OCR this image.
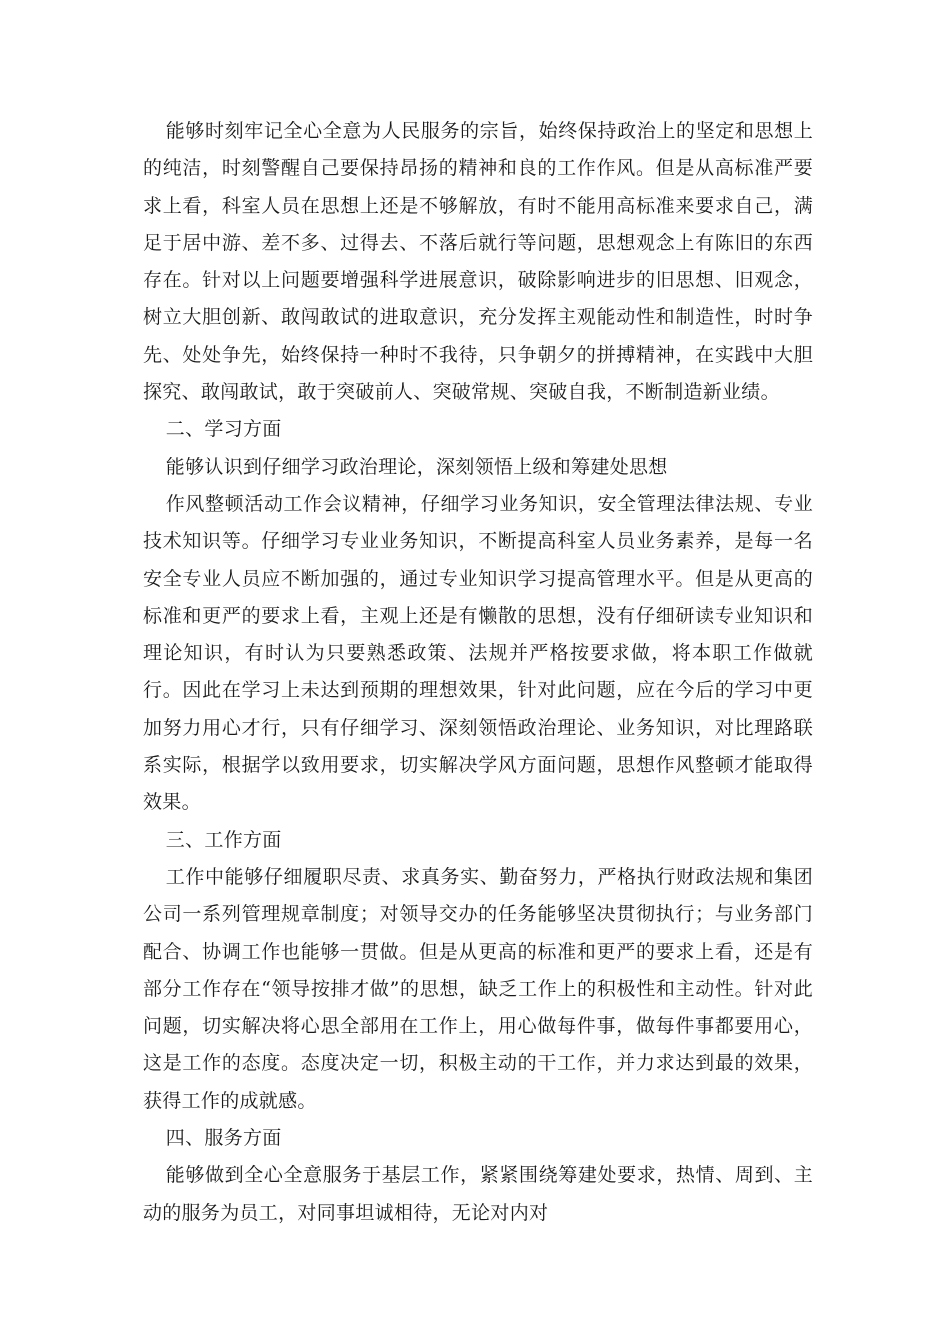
能够时刻牢记全心全意为人民服务的宗旨，始终保持政治上的坚定和思想上的纯洁，时刻警醒自己要保持昂扬的精神和良的工作作风。但是从高标准严要求上看，科室人员在思想上还是不够解放，有时不能用高标准来要求自己，满足于居中游、差不多、过得去、不落后就行等问题，思想观念上有陈旧的东西存在。针对以上问题要增强科学进展意识，破除影响进步的旧思想、旧观念，树立大胆创新、敢闯敢试的进取意识，充分发挥主观能动性和制造性，时时争先、处处争先，始终保持一种时不我待，只争朝夕的拼搏精神，在实践中大胆探究、敢闯敢试，敢于突破前人、突破常规、突破自我，不断制造新业绩。

二、学习方面

能够认识到仔细学习政治理论，深刻领悟上级和筹建处思想

作风整顿活动工作会议精神，仔细学习业务知识，安全管理法律法规、专业技术知识等。仔细学习专业业务知识，不断提高科室人员业务素养，是每一名安全专业人员应不断加强的，通过专业知识学习提高管理水平。但是从更高的标准和更严的要求上看，主观上还是有懒散的思想，没有仔细研读专业知识和理论知识，有时认为只要熟悉政策、法规并严格按要求做，将本职工作做就行。因此在学习上未达到预期的理想效果，针对此问题，应在今后的学习中更加努力用心才行，只有仔细学习、深刻领悟政治理论、业务知识，对比理路联系实际，根据学以致用要求，切实解决学风方面问题，思想作风整顿才能取得效果。

三、工作方面

工作中能够仔细履职尽责、求真务实、勤奋努力，严格执行财政法规和集团公司一系列管理规章制度；对领导交办的任务能够坚决贯彻执行；与业务部门配合、协调工作也能够一贯做。但是从更高的标准和更严的要求上看，还是有部分工作存在“领导按排才做”的思想，缺乏工作上的积极性和主动性。针对此问题，切实解决将心思全部用在工作上，用心做每件事，做每件事都要用心，这是工作的态度。态度决定一切，积极主动的干工作，并力求达到最的效果，获得工作的成就感。

四、服务方面

能够做到全心全意服务于基层工作，紧紧围绕筹建处要求，热情、周到、主动的服务为员工，对同事坦诚相待，无论对内对
